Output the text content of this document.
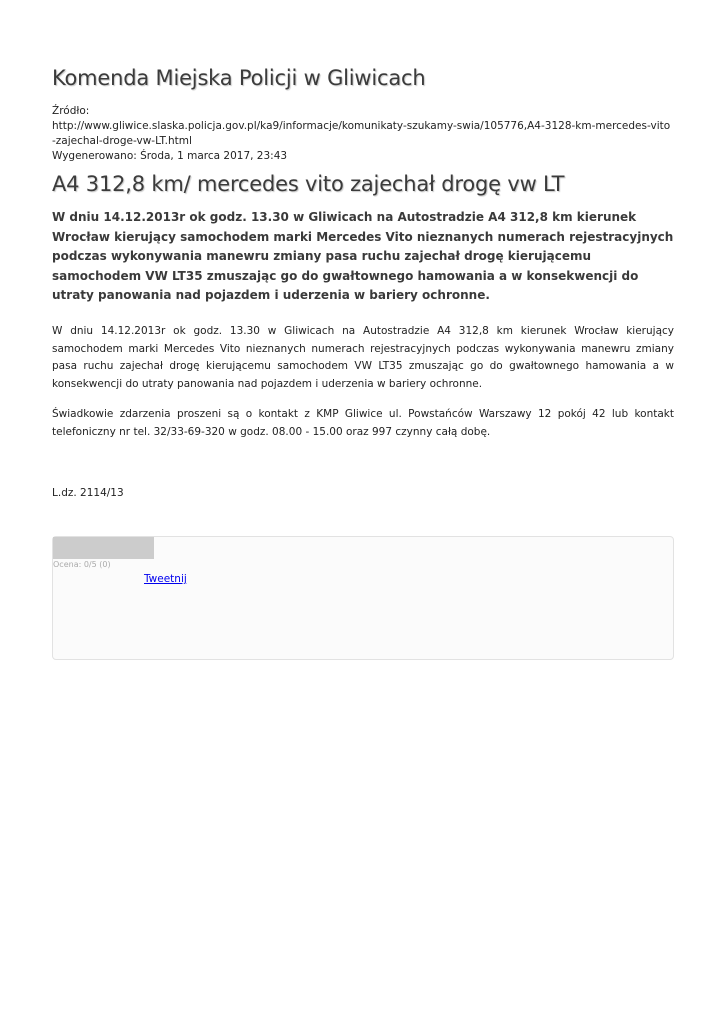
Komenda Miejska Policji w Gliwicach
Źródło:
http://www.gliwice.slaska.policja.gov.pl/ka9/informacje/komunikaty-szukamy-swia/105776,A4-3128-km-mercedes-vito-zajechal-droge-vw-LT.html
Wygenerowano: Środa, 1 marca 2017, 23:43
A4 312,8 km/ mercedes vito zajechał drogę vw LT

W dniu 14.12.2013r ok godz. 13.30 w Gliwicach na Autostradzie A4 312,8 km kierunek Wrocław kierujący samochodem marki Mercedes Vito nieznanych numerach rejestracyjnych podczas wykonywania manewru zmiany pasa ruchu zajechał drogę kierującemu samochodem VW LT35 zmuszając go do gwałtownego hamowania a w konsekwencji do utraty panowania nad pojazdem i uderzenia w bariery ochronne.

W dniu 14.12.2013r ok godz. 13.30 w Gliwicach na Autostradzie A4 312,8 km kierunek Wrocław kierujący samochodem marki Mercedes Vito nieznanych numerach rejestracyjnych podczas wykonywania manewru zmiany pasa ruchu zajechał drogę kierującemu samochodem VW LT35 zmuszając go do gwałtownego hamowania a w konsekwencji do utraty panowania nad pojazdem i uderzenia w bariery ochronne.

Świadkowie zdarzenia proszeni są o kontakt z KMP Gliwice ul. Powstańców Warszawy 12 pokój 42 lub kontakt telefoniczny nr tel. 32/33-69-320 w godz. 08.00 - 15.00 oraz 997 czynny całą dobę.

L.dz. 2114/13

Ocena: 0/5 (0)
Tweetnij
